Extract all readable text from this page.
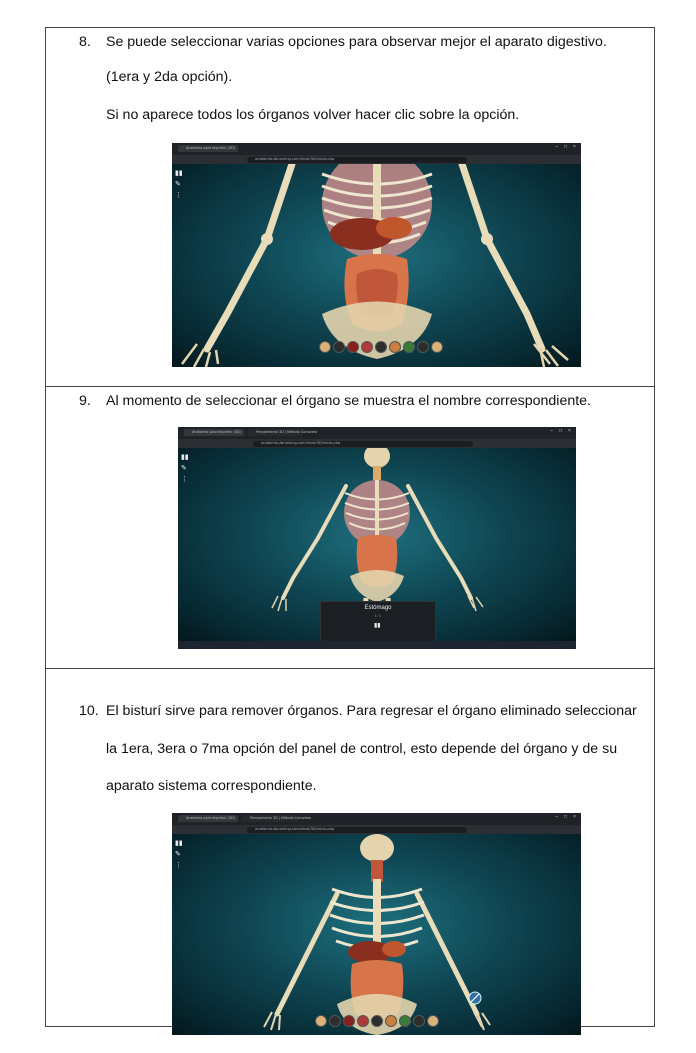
8. Se puede seleccionar varias opciones para observar mejor el aparato digestivo.
(1era y 2da opción).
Si no aparece todos los órganos volver hacer clic sobre la opción.
Anatomía para Imprimir (3D)	– □ ×
anatomia.zbrushing.com/nivel/3D/inicio.php
▮▮
✎
⋮
9. Al momento de seleccionar el órgano se muestra el nombre correspondiente.
Anatomía para Imprimir (3D)	Pensamiento 3D | Método Completo	– □ ×
anatomia.zbrushing.com/nivel/3D/inicio.php
▮▮
✎
⋮
Estómago
1 / 1
▮▮
10. El bisturí sirve para remover órganos. Para regresar el órgano eliminado seleccionar
la 1era, 3era o 7ma opción del panel de control, esto depende del órgano y de su
aparato sistema correspondiente.
Anatomía para Imprimir (3D)	Pensamiento 3D | Método Completo	– □ ×
anatomia.zbrushing.com/nivel/3D/inicio.php
▮▮
✎
⋮
